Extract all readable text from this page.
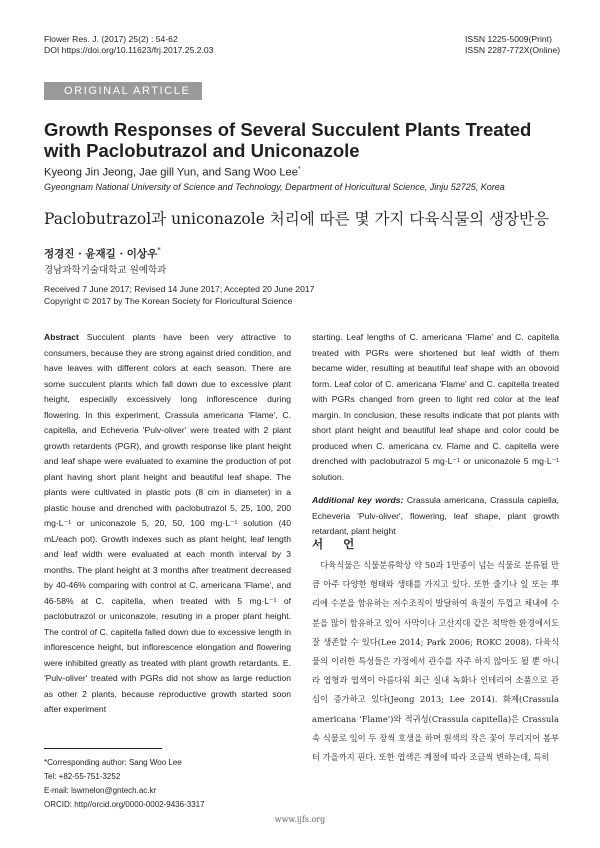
Flower Res. J. (2017) 25(2) : 54-62
DOI https://doi.org/10.11623/frj.2017.25.2.03
ISSN 1225-5009(Print)
ISSN 2287-772X(Online)
ORIGINAL ARTICLE
Growth Responses of Several Succulent Plants Treated with Paclobutrazol and Uniconazole
Kyeong Jin Jeong, Jae gill Yun, and Sang Woo Lee*
Gyeongnam National University of Science and Technology, Department of Horicultural Science, Jinju 52725, Korea
Paclobutrazol과 uniconazole 처리에 따른 몇 가지 다육식물의 생장반응
정경진 · 윤재길 · 이상우*
경남과학기술대학교 원예학과
Received 7 June 2017; Revised 14 June 2017; Accepted 20 June 2017
Copyright © 2017 by The Korean Society for Floricultural Science

Abstract Succulent plants have been very attractive to consumers, because they are strong against dried condition, and have leaves with different colors at each season. There are some succulent plants which fall down due to excessive plant height, especially excessively long inflorescence during flowering. In this experiment, Crassula americana 'Flame', C. capitella, and Echeveria 'Pulv-oliver' were treated with 2 plant growth retardents (PGR), and growth response like plant height and leaf shape were evaluated to examine the production of pot plant having short plant height and beautiful leaf shape. The plants were cultivated in plastic pots (8 cm in diameter) in a plastic house and drenched with paclobutrazol 5, 25, 100, 200 mg·L⁻¹ or uniconazole 5, 20, 50, 100 mg·L⁻¹ solution (40 mL/each pot). Growth indexes such as plant height, leaf length and leaf width were evaluated at each month interval by 3 months. The plant height at 3 months after treatment decreased by 40-46% comparing with control at C. americana 'Flame', and 46-58% at C. capitella, when treated with 5 mg·L⁻¹ of paclobutrazol or uniconazole, resuting in a proper plant height. The control of C. capitella falled down due to excessive length in inflorescence height, but inflorescence elongation and flowering were inhibited greatly as treated with plant growth retardants. E. 'Pulv-oliver' treated with PGRs did not show as large reduction as other 2 plants, because reproductive growth started soon after experiment

starting. Leaf lengths of C. americana 'Flame' and C. capitella treated with PGRs were shortened but leaf width of them became wider, resulting at beautiful leaf shape with an obovoid form. Leaf color of C. americana 'Flame' and C. capitella treated with PGRs changed from green to light red color at the leaf margin. In conclusion, these results indicate that pot plants with short plant height and beautiful leaf shape and color could be produced when C. americana cv. Flame and C. capitella were drenched with paclobutrazol 5 mg·L⁻¹ or uniconazole 5 mg·L⁻¹ solution.

Additional key words: Crassula americana, Crassula capiella, Echeveria 'Pulv-oliver', flowering, leaf shape, plant growth retardant, plant height

서 언

다육식물은 식물분류학상 약 50과 1만종이 넘는 식물로 분류될 만큼 아주 다양한 형태와 생태를 가지고 있다. 또한 줄기나 잎 또는 뿌리에 수분을 함유하는 저수조직이 발달하여 육질이 두껍고 체내에 수분을 많이 함유하고 있어 사막이나 고산지대 같은 척박한 환경에서도 잘 생존할 수 있다(Lee 2014; Park 2006; ROKC 2008). 다육식물의 이러한 특성들은 가정에서 관수를 자주 하지 않아도 될 뿐 아니라 엽형과 엽색이 아름다워 최근 실내 녹화나 인테리어 소품으로 관심이 증가하고 있다(Jeong 2013; Lee 2014). 화제(Crassula americana 'Flame')와 적귀성(Crassula capitella)은 Crassula속 식물로 잎이 두 장씩 호생을 하며 흰색의 작은 꽃이 무리지어 봄부터 가을까지 핀다. 또한 엽색은 계절에 따라 조금씩 변하는데, 특히

*Corresponding author: Sang Woo Lee
Tel: +82-55-751-3252
E-mail: lswmelon@gntech.ac.kr
ORCID: http//orcid.org/0000-0002-9436-3317
www.ijfs.org
